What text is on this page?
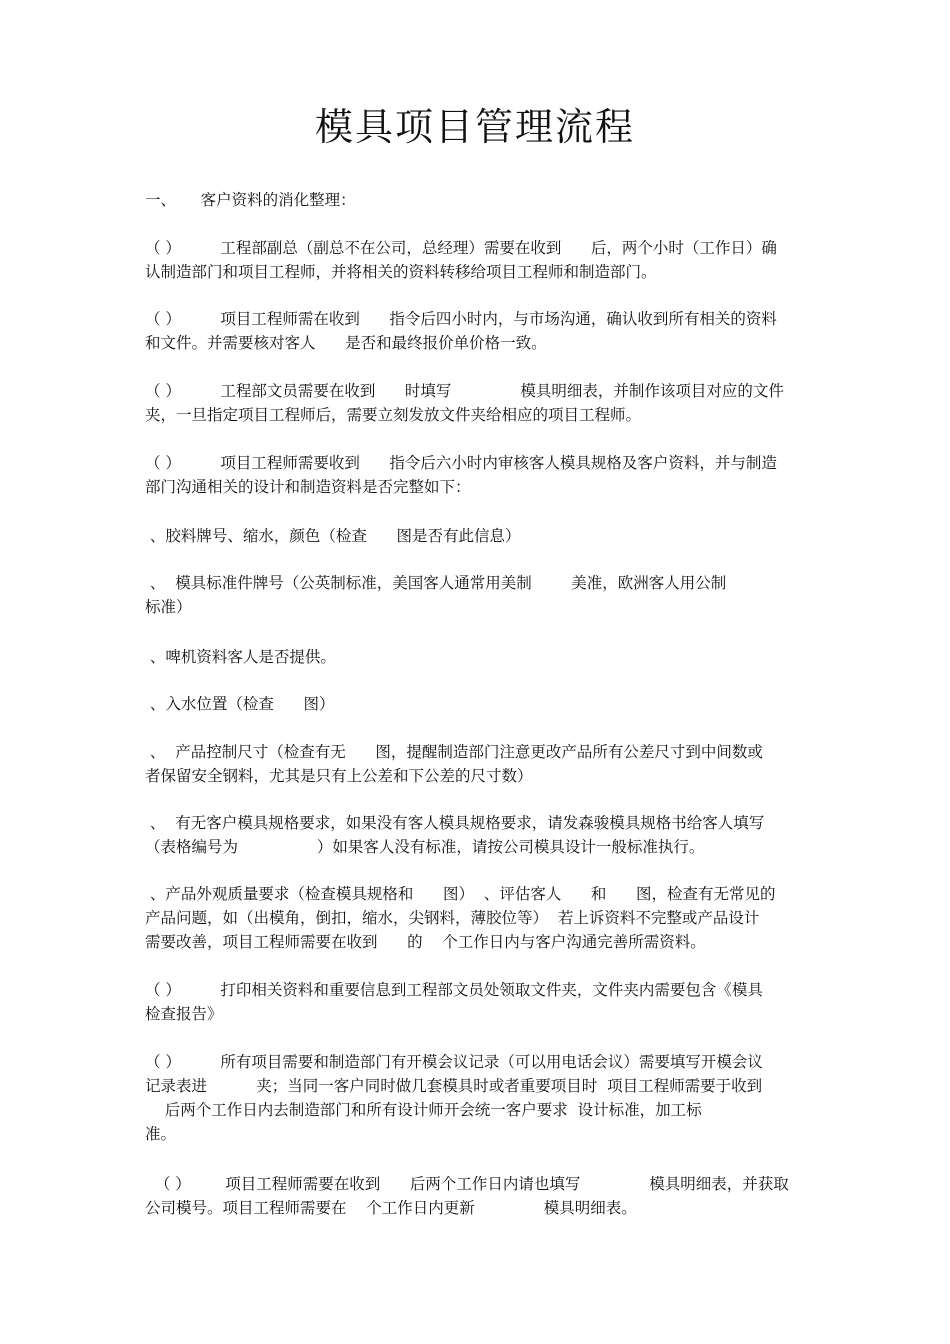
模具项目管理流程
一、     客户资料的消化整理：
（ ）        工程部副总（副总不在公司，总经理）需要在收到      后，两个小时（工作日）确
认制造部门和项目工程师，并将相关的资料转移给项目工程师和制造部门。
（ ）        项目工程师需在收到      指令后四小时内，与市场沟通，确认收到所有相关的资料
和文件。并需要核对客人      是否和最终报价单价格一致。
（ ）        工程部文员需要在收到      时填写              模具明细表，并制作该项目对应的文件
夹，一旦指定项目工程师后，需要立刻发放文件夹给相应的项目工程师。
（ ）        项目工程师需要收到      指令后六小时内审核客人模具规格及客户资料，并与制造
部门沟通相关的设计和制造资料是否完整如下：
、胶料牌号、缩水，颜色（检查      图是否有此信息）
、  模具标准件牌号（公英制标准，美国客人通常用美制        美准，欧洲客人用公制
标准）
、啤机资料客人是否提供。
、入水位置（检查      图）
、  产品控制尺寸（检查有无      图，提醒制造部门注意更改产品所有公差尺寸到中间数或
者保留安全钢料，尤其是只有上公差和下公差的尺寸数）
、  有无客户模具规格要求，如果没有客人模具规格要求，请发森骏模具规格书给客人填写
（表格编号为                ）如果客人没有标准，请按公司模具设计一般标准执行。
、产品外观质量要求（检查模具规格和      图）  、评估客人      和      图，检查有无常见的
产品问题，如（出模角，倒扣，缩水，尖钢料，薄胶位等）  若上诉资料不完整或产品设计
需要改善，项目工程师需要在收到      的    个工作日内与客户沟通完善所需资料。
（ ）        打印相关资料和重要信息到工程部文员处领取文件夹，文件夹内需要包含《模具
检查报告》
（ ）        所有项目需要和制造部门有开模会议记录（可以用电话会议）需要填写开模会议
记录表进          夹；当同一客户同时做几套模具时或者重要项目时  项目工程师需要于收到
后两个工作日内去制造部门和所有设计师开会统一客户要求  设计标准，加工标
准。
（ ）       项目工程师需要在收到      后两个工作日内请也填写              模具明细表，并获取
公司模号。项目工程师需要在    个工作日内更新              模具明细表。
